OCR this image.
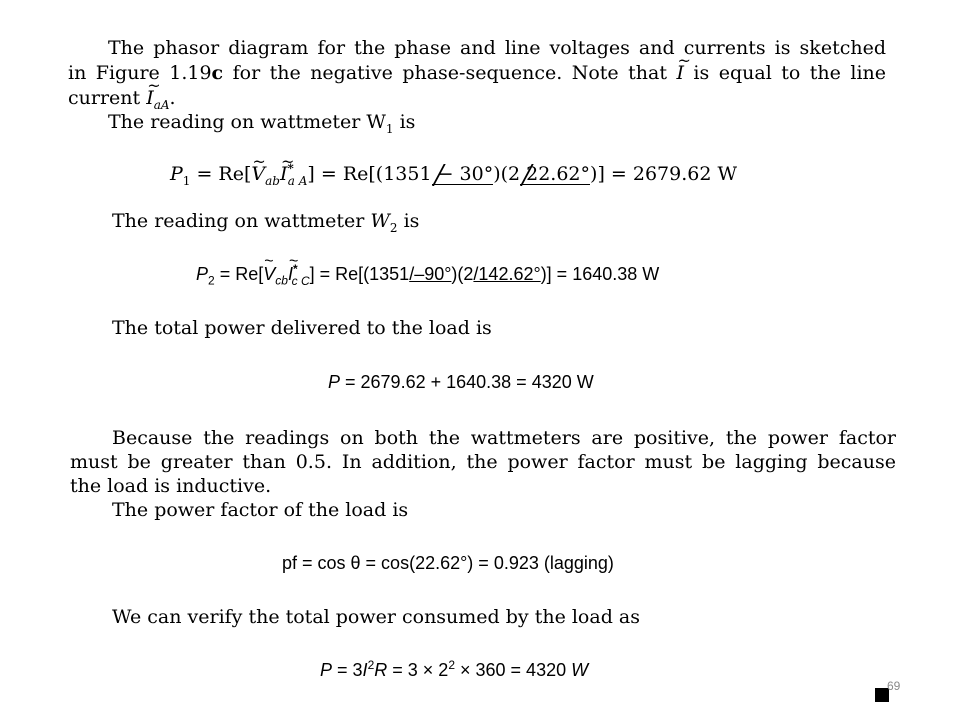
The phasor diagram for the phase and line voltages and currents is sketched
in Figure 1.19c for the negative phase-sequence. Note that I ~ is equal to the line
current I $\sim_{aA}$.
The reading on wattmeter $W_1$ is
$P_1 = Re[V$ $\sim_{ab}I$ $\sim^*_{a A}] = Re[(1351 - 30^\circ)(2$ 22.62°)] = 2679.62 W
The reading on wattmeter $W_2$ is
$P_2 = Re[V$ $\sim_{cb}I$ $\sim^*_{c C}] = Re[(1351/-90^\circ)(2/142.62^\circ)] = 1640.38$ W
The total power delivered to the load is
P = 2679.62 + 1640.38 = 4320 W
Because the readings on both the wattmeters are positive, the power factor
must be greater than 0.5. In addition, the power factor must be lagging because
the load is inductive.
The power factor of the load is
pf = cos θ = cos(22.62°) = 0.923 (lagging)
We can verify the total power consumed by the load as
$P = 3I^2R = 3 \times 2^2 \times 360 = 4320$ W
69
